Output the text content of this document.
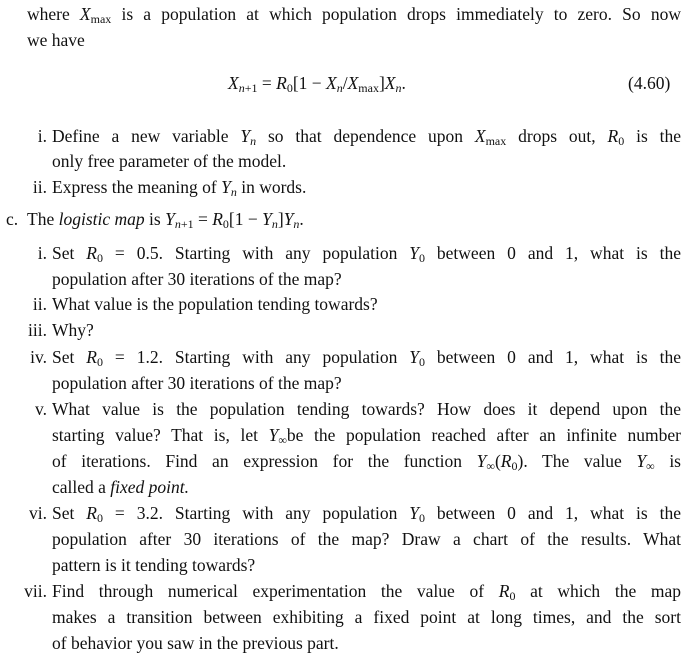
where $X_{max}$ is a population at which population drops immediately to zero. So now
we have
$X_{n+1} = R_0[1 - X_n/X_{max}]X_n$.	(4.60)
i. Define a new variable $Y_n$ so that dependence upon $X_{max}$ drops out, $R_0$ is the
only free parameter of the model.
ii. Express the meaning of $Y_n$ in words.
c. The logistic map is $Y_{n+1} = R_0[1 - Y_n]Y_n$.
i. Set $R_0 = 0.5$. Starting with any population $Y_0$ between 0 and 1, what is the
population after 30 iterations of the map?
ii. What value is the population tending towards?
iii. Why?
iv. Set $R_0 = 1.2$. Starting with any population $Y_0$ between 0 and 1, what is the
population after 30 iterations of the map?
v. What value is the population tending towards? How does it depend upon the
starting value? That is, let $Y_\infty be$ the population reached after an infinite number
of iterations. Find an expression for the function $Y_\infty(R_0)$. The value $Y_\infty$ is
called a fixed point.
vi. Set $R_0 = 3.2$. Starting with any population $Y_0$ between 0 and 1, what is the
population after 30 iterations of the map? Draw a chart of the results. What
pattern is it tending towards?
vii. Find through numerical experimentation the value of $R_0$ at which the map
makes a transition between exhibiting a fixed point at long times, and the sort
of behavior you saw in the previous part.
